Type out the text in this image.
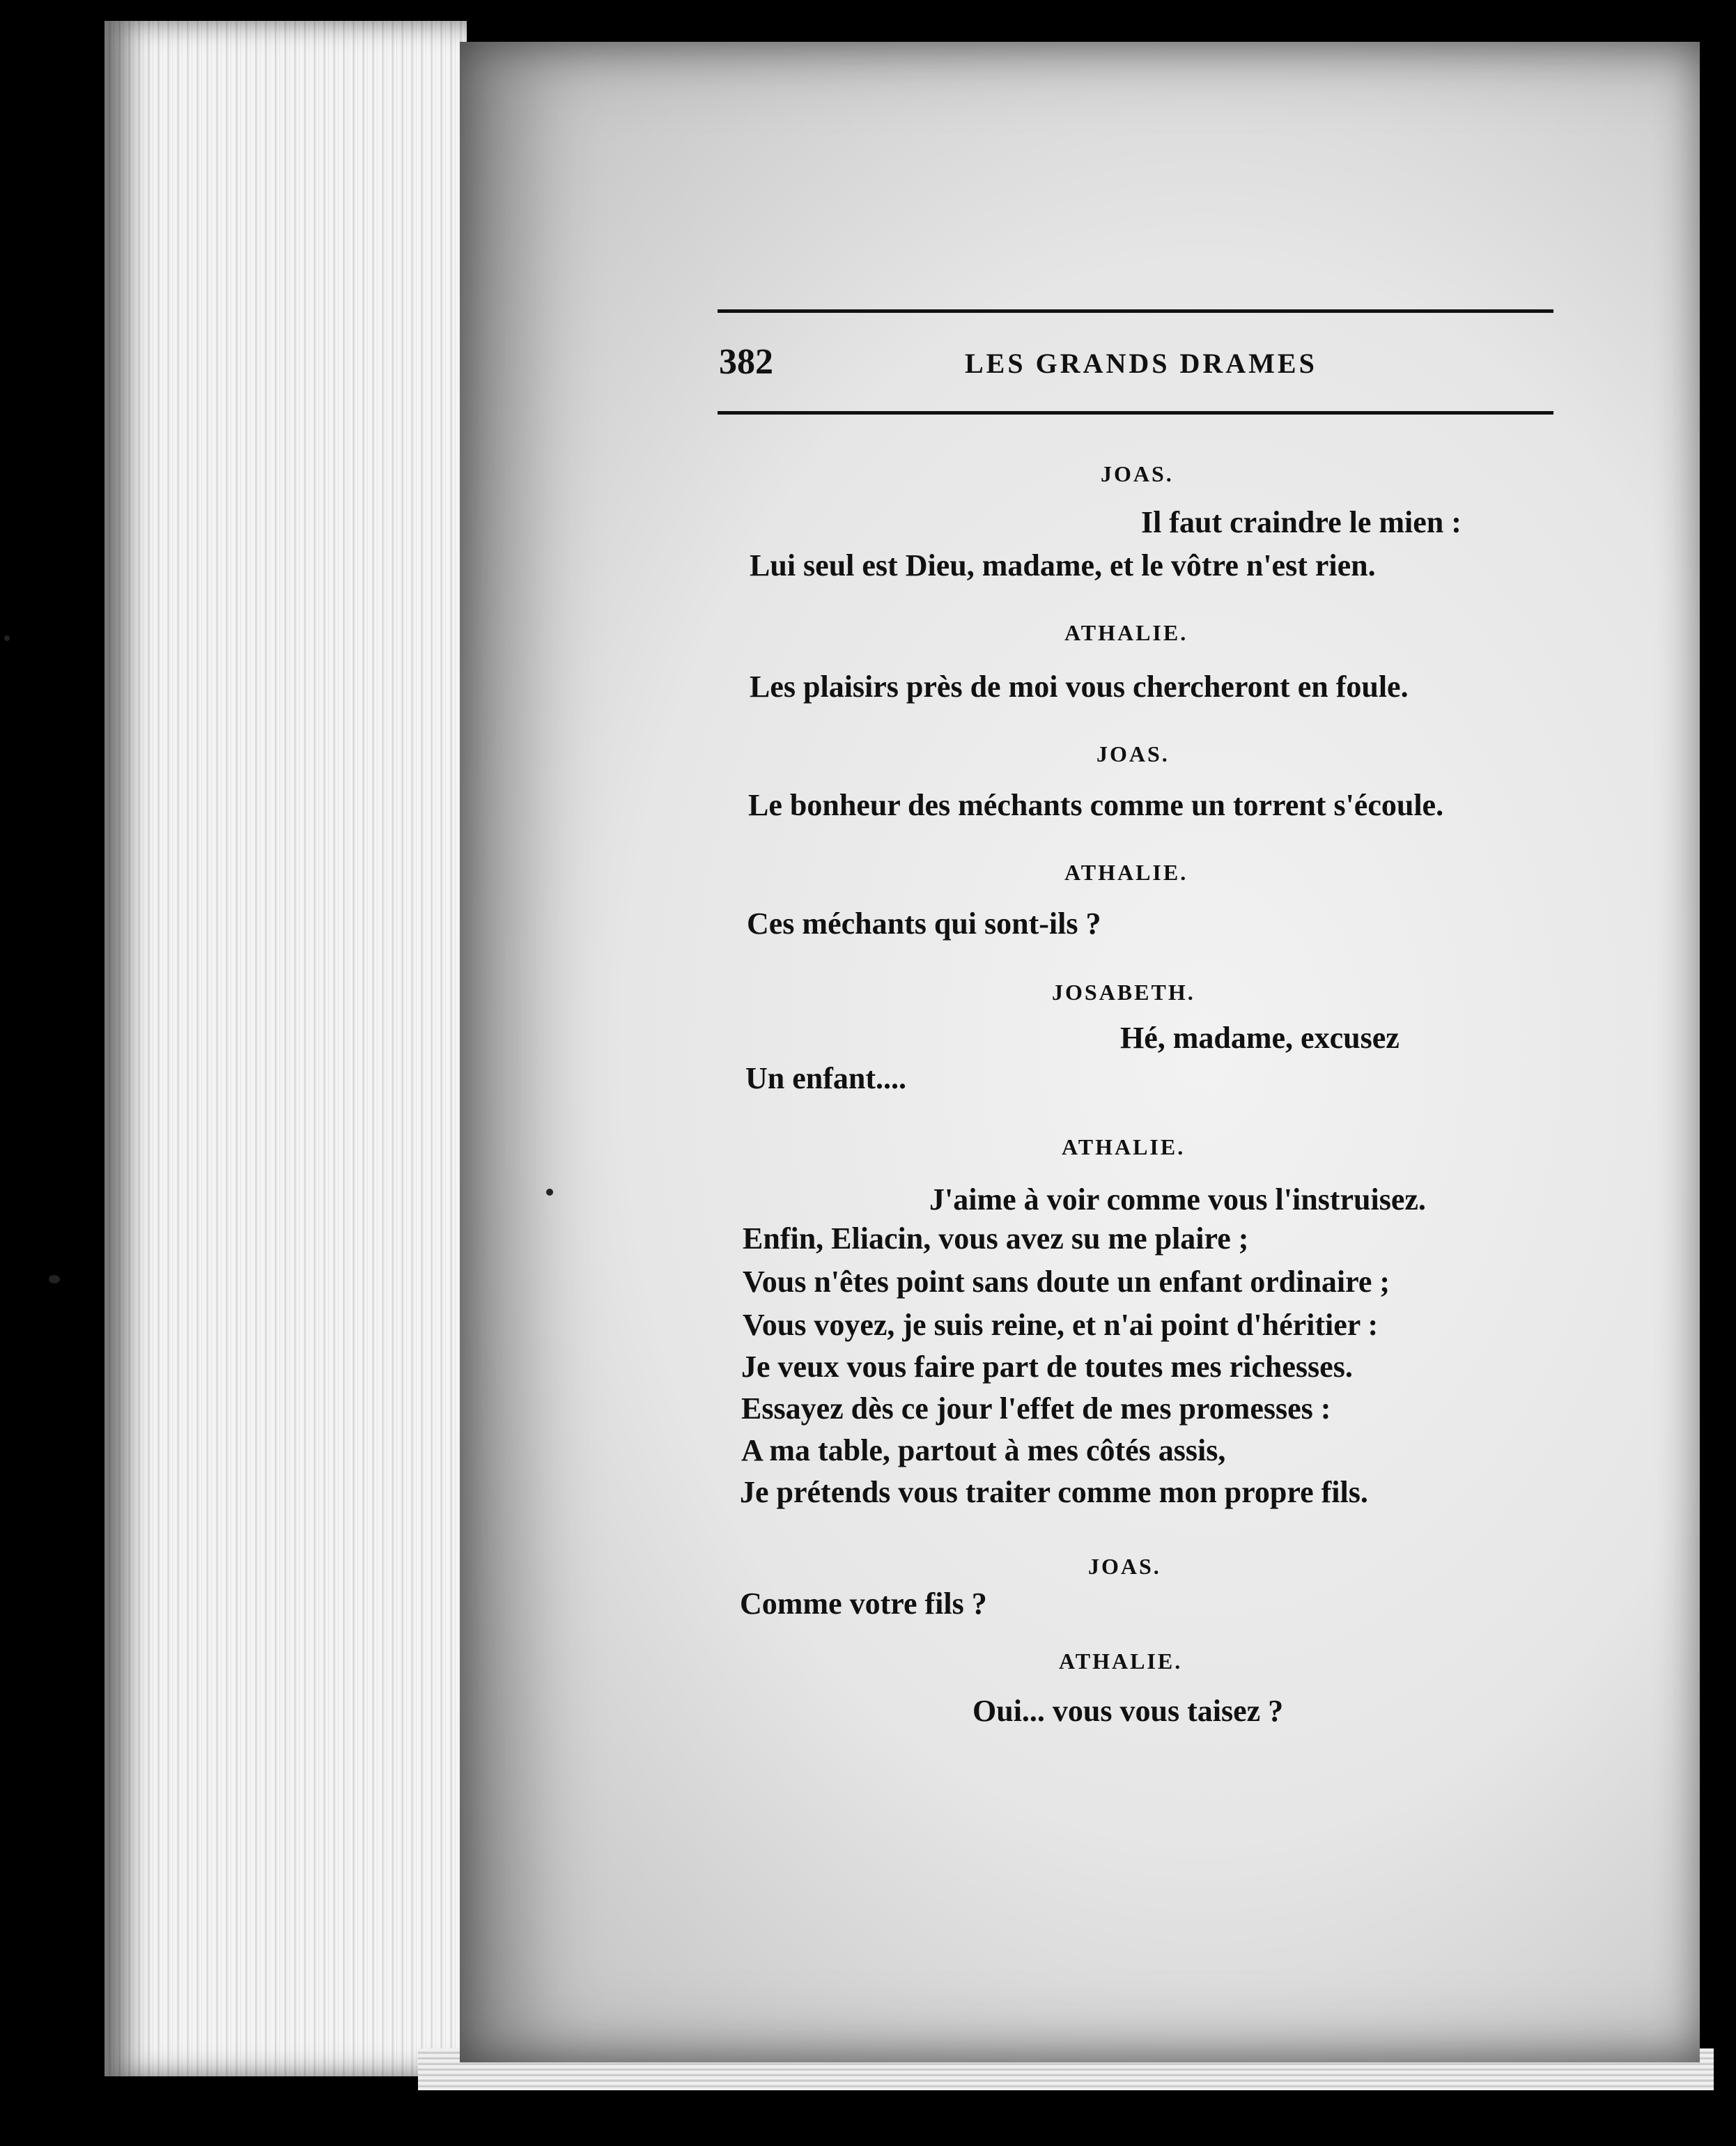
382	LES GRANDS DRAMES
JOAS.
Il faut craindre le mien :
Lui seul est Dieu, madame, et le vôtre n'est rien.
ATHALIE.
Les plaisirs près de moi vous chercheront en foule.
JOAS.
Le bonheur des méchants comme un torrent s'écoule.
ATHALIE.
Ces méchants qui sont-ils ?
JOSABETH.
Hé, madame, excusez
Un enfant....
ATHALIE.
J'aime à voir comme vous l'instruisez.
Enfin, Eliacin, vous avez su me plaire ;
Vous n'êtes point sans doute un enfant ordinaire ;
Vous voyez, je suis reine, et n'ai point d'héritier :
Je veux vous faire part de toutes mes richesses.
Essayez dès ce jour l'effet de mes promesses :
A ma table, partout à mes côtés assis,
Je prétends vous traiter comme mon propre fils.
JOAS.
Comme votre fils ?
ATHALIE.
Oui... vous vous taisez ?
